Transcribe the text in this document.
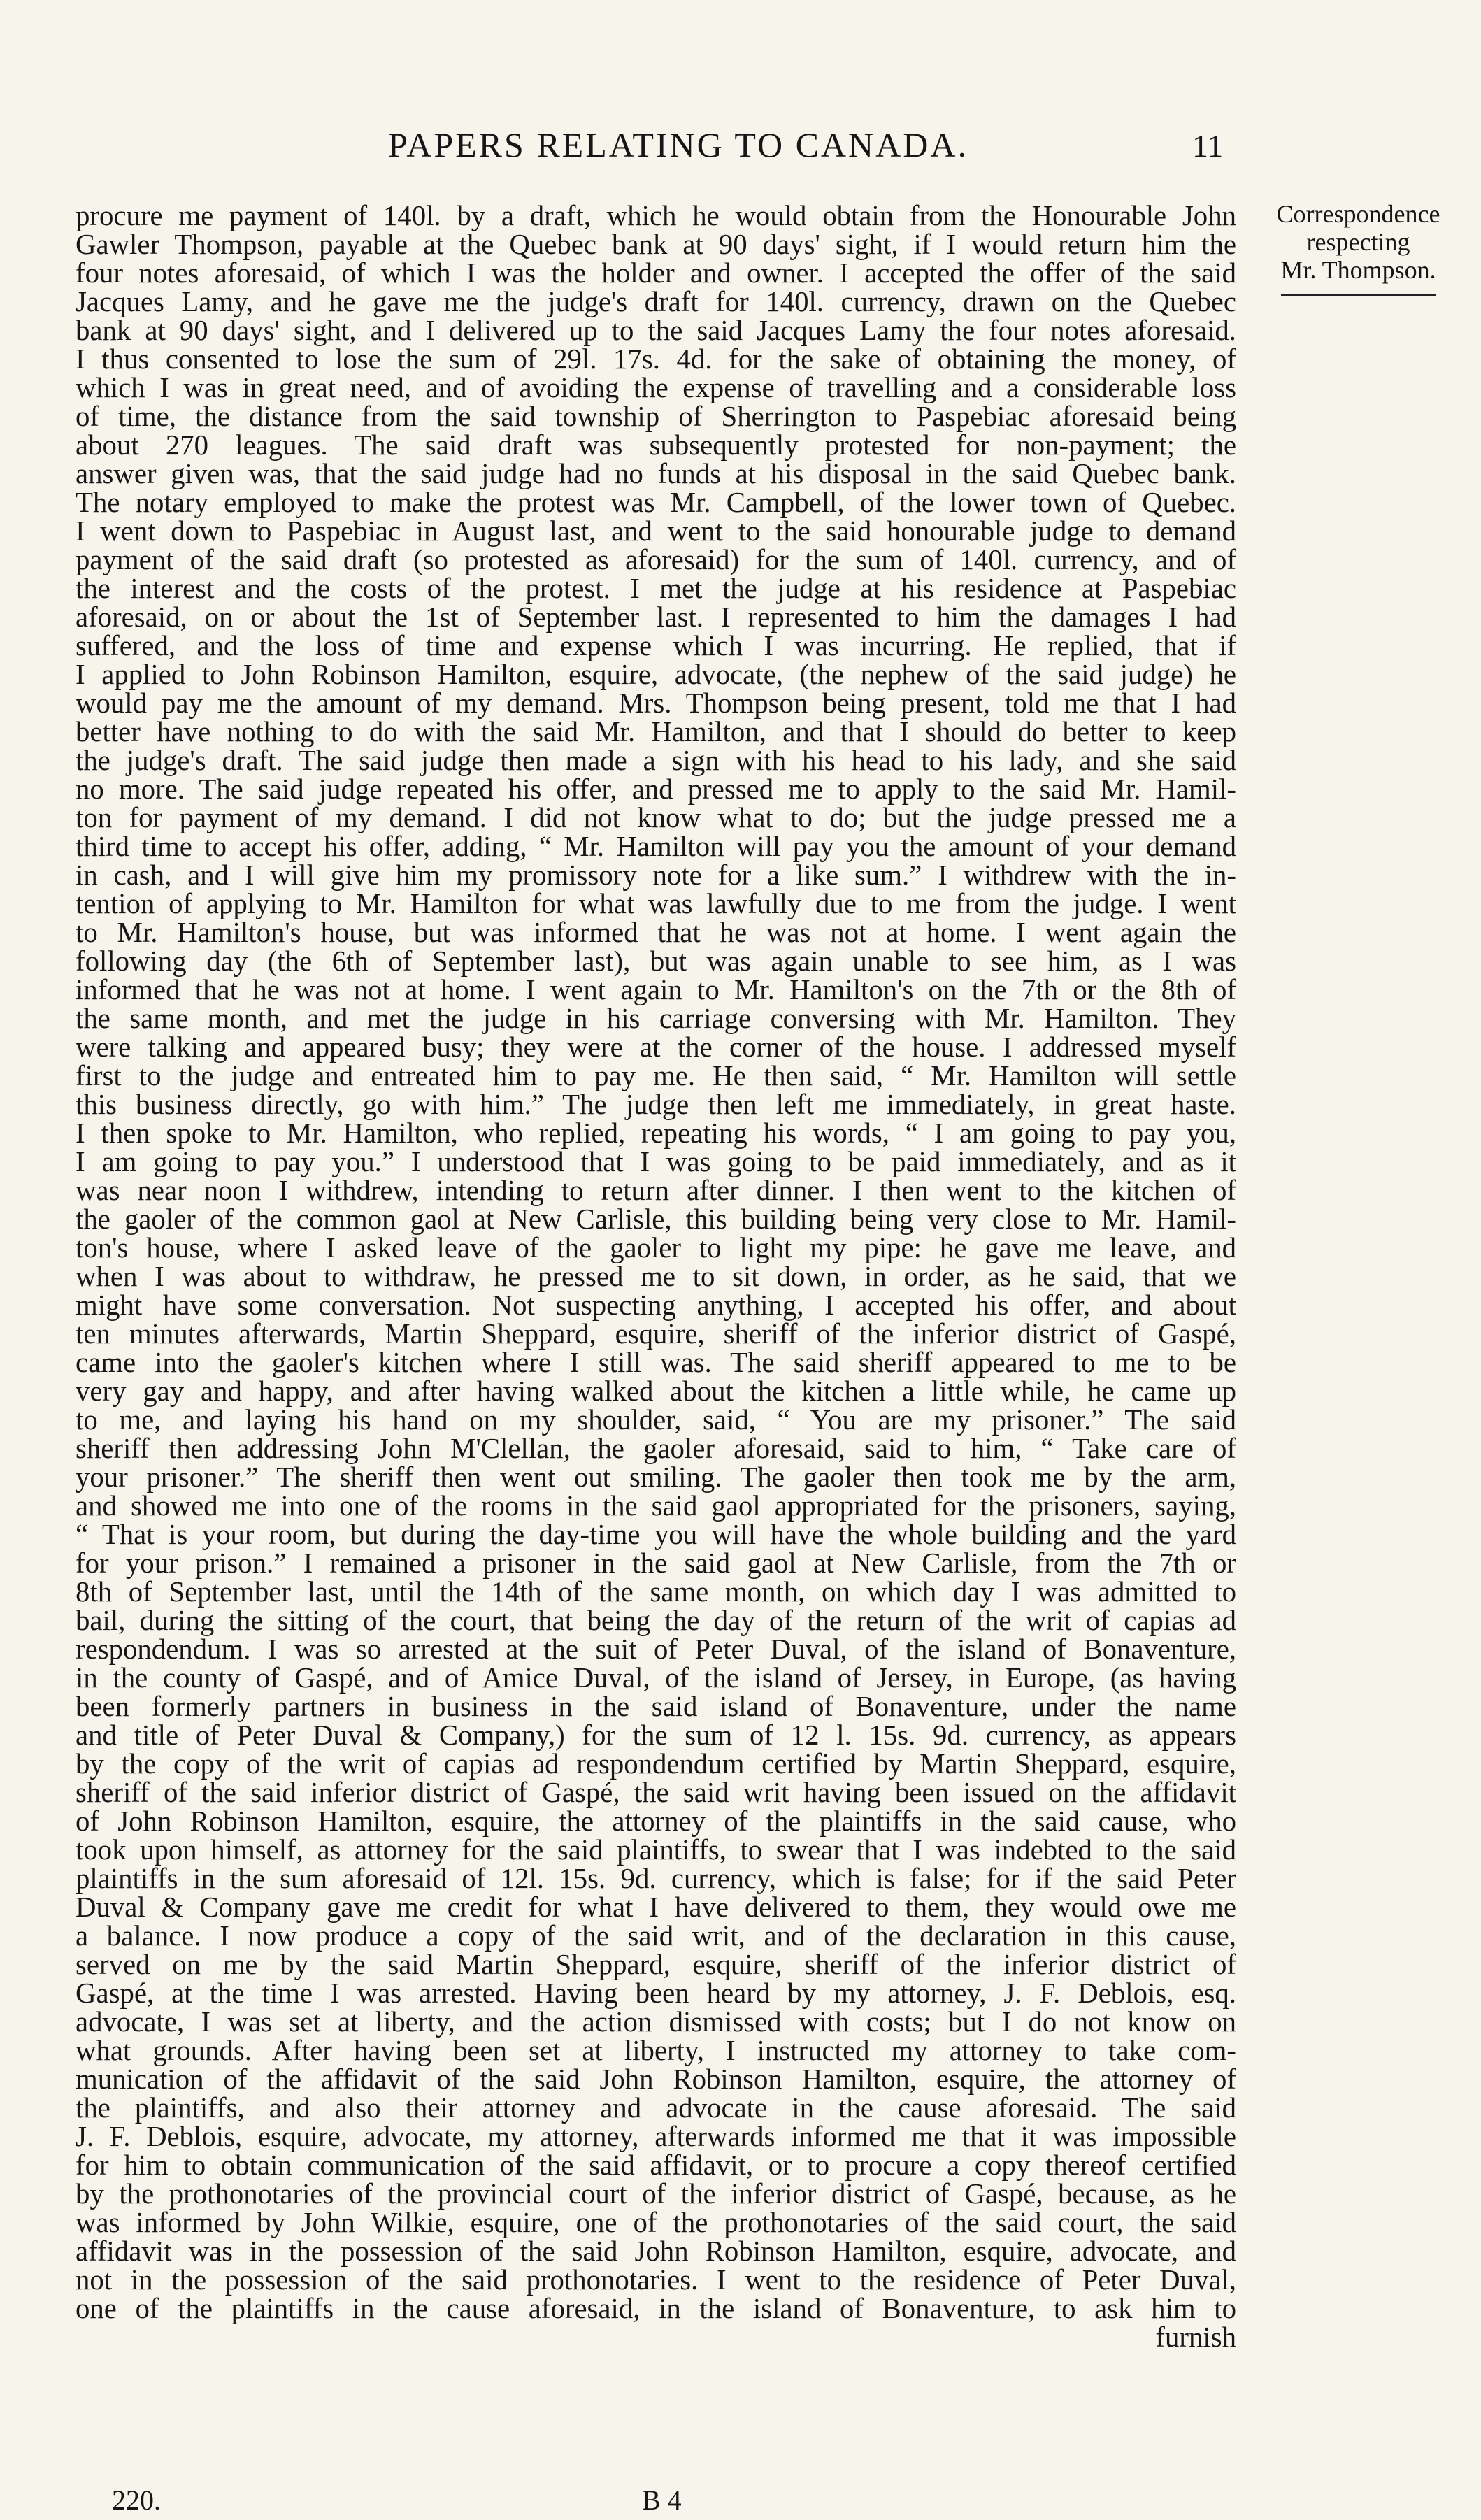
PAPERS RELATING TO CANADA.	11
Correspondence
respecting
Mr. Thompson.
procure me payment of 140l. by a draft, which he would obtain from the Honourable John
Gawler Thompson, payable at the Quebec bank at 90 days' sight, if I would return him the
four notes aforesaid, of which I was the holder and owner. I accepted the offer of the said
Jacques Lamy, and he gave me the judge's draft for 140l. currency, drawn on the Quebec
bank at 90 days' sight, and I delivered up to the said Jacques Lamy the four notes aforesaid.
I thus consented to lose the sum of 29l. 17s. 4d. for the sake of obtaining the money, of
which I was in great need, and of avoiding the expense of travelling and a considerable loss
of time, the distance from the said township of Sherrington to Paspebiac aforesaid being
about 270 leagues. The said draft was subsequently protested for non-payment; the
answer given was, that the said judge had no funds at his disposal in the said Quebec bank.
The notary employed to make the protest was Mr. Campbell, of the lower town of Quebec.
I went down to Paspebiac in August last, and went to the said honourable judge to demand
payment of the said draft (so protested as aforesaid) for the sum of 140l. currency, and of
the interest and the costs of the protest. I met the judge at his residence at Paspebiac
aforesaid, on or about the 1st of September last. I represented to him the damages I had
suffered, and the loss of time and expense which I was incurring. He replied, that if
I applied to John Robinson Hamilton, esquire, advocate, (the nephew of the said judge) he
would pay me the amount of my demand. Mrs. Thompson being present, told me that I had
better have nothing to do with the said Mr. Hamilton, and that I should do better to keep
the judge's draft. The said judge then made a sign with his head to his lady, and she said
no more. The said judge repeated his offer, and pressed me to apply to the said Mr. Hamil-
ton for payment of my demand. I did not know what to do; but the judge pressed me a
third time to accept his offer, adding, “ Mr. Hamilton will pay you the amount of your demand
in cash, and I will give him my promissory note for a like sum.” I withdrew with the in-
tention of applying to Mr. Hamilton for what was lawfully due to me from the judge. I went
to Mr. Hamilton's house, but was informed that he was not at home. I went again the
following day (the 6th of September last), but was again unable to see him, as I was
informed that he was not at home. I went again to Mr. Hamilton's on the 7th or the 8th of
the same month, and met the judge in his carriage conversing with Mr. Hamilton. They
were talking and appeared busy; they were at the corner of the house. I addressed myself
first to the judge and entreated him to pay me. He then said, “ Mr. Hamilton will settle
this business directly, go with him.” The judge then left me immediately, in great haste.
I then spoke to Mr. Hamilton, who replied, repeating his words, “ I am going to pay you,
I am going to pay you.” I understood that I was going to be paid immediately, and as it
was near noon I withdrew, intending to return after dinner. I then went to the kitchen of
the gaoler of the common gaol at New Carlisle, this building being very close to Mr. Hamil-
ton's house, where I asked leave of the gaoler to light my pipe: he gave me leave, and
when I was about to withdraw, he pressed me to sit down, in order, as he said, that we
might have some conversation. Not suspecting anything, I accepted his offer, and about
ten minutes afterwards, Martin Sheppard, esquire, sheriff of the inferior district of Gaspé,
came into the gaoler's kitchen where I still was. The said sheriff appeared to me to be
very gay and happy, and after having walked about the kitchen a little while, he came up
to me, and laying his hand on my shoulder, said, “ You are my prisoner.” The said
sheriff then addressing John M'Clellan, the gaoler aforesaid, said to him, “ Take care of
your prisoner.” The sheriff then went out smiling. The gaoler then took me by the arm,
and showed me into one of the rooms in the said gaol appropriated for the prisoners, saying,
“ That is your room, but during the day-time you will have the whole building and the yard
for your prison.” I remained a prisoner in the said gaol at New Carlisle, from the 7th or
8th of September last, until the 14th of the same month, on which day I was admitted to
bail, during the sitting of the court, that being the day of the return of the writ of capias ad
respondendum. I was so arrested at the suit of Peter Duval, of the island of Bonaventure,
in the county of Gaspé, and of Amice Duval, of the island of Jersey, in Europe, (as having
been formerly partners in business in the said island of Bonaventure, under the name
and title of Peter Duval & Company,) for the sum of 12 l. 15s. 9d. currency, as appears
by the copy of the writ of capias ad respondendum certified by Martin Sheppard, esquire,
sheriff of the said inferior district of Gaspé, the said writ having been issued on the affidavit
of John Robinson Hamilton, esquire, the attorney of the plaintiffs in the said cause, who
took upon himself, as attorney for the said plaintiffs, to swear that I was indebted to the said
plaintiffs in the sum aforesaid of 12l. 15s. 9d. currency, which is false; for if the said Peter
Duval & Company gave me credit for what I have delivered to them, they would owe me
a balance. I now produce a copy of the said writ, and of the declaration in this cause,
served on me by the said Martin Sheppard, esquire, sheriff of the inferior district of
Gaspé, at the time I was arrested. Having been heard by my attorney, J. F. Deblois, esq.
advocate, I was set at liberty, and the action dismissed with costs; but I do not know on
what grounds. After having been set at liberty, I instructed my attorney to take com-
munication of the affidavit of the said John Robinson Hamilton, esquire, the attorney of
the plaintiffs, and also their attorney and advocate in the cause aforesaid. The said
J. F. Deblois, esquire, advocate, my attorney, afterwards informed me that it was impossible
for him to obtain communication of the said affidavit, or to procure a copy thereof certified
by the prothonotaries of the provincial court of the inferior district of Gaspé, because, as he
was informed by John Wilkie, esquire, one of the prothonotaries of the said court, the said
affidavit was in the possession of the said John Robinson Hamilton, esquire, advocate, and
not in the possession of the said prothonotaries. I went to the residence of Peter Duval,
one of the plaintiffs in the cause aforesaid, in the island of Bonaventure, to ask him to
furnish
220.	B 4
